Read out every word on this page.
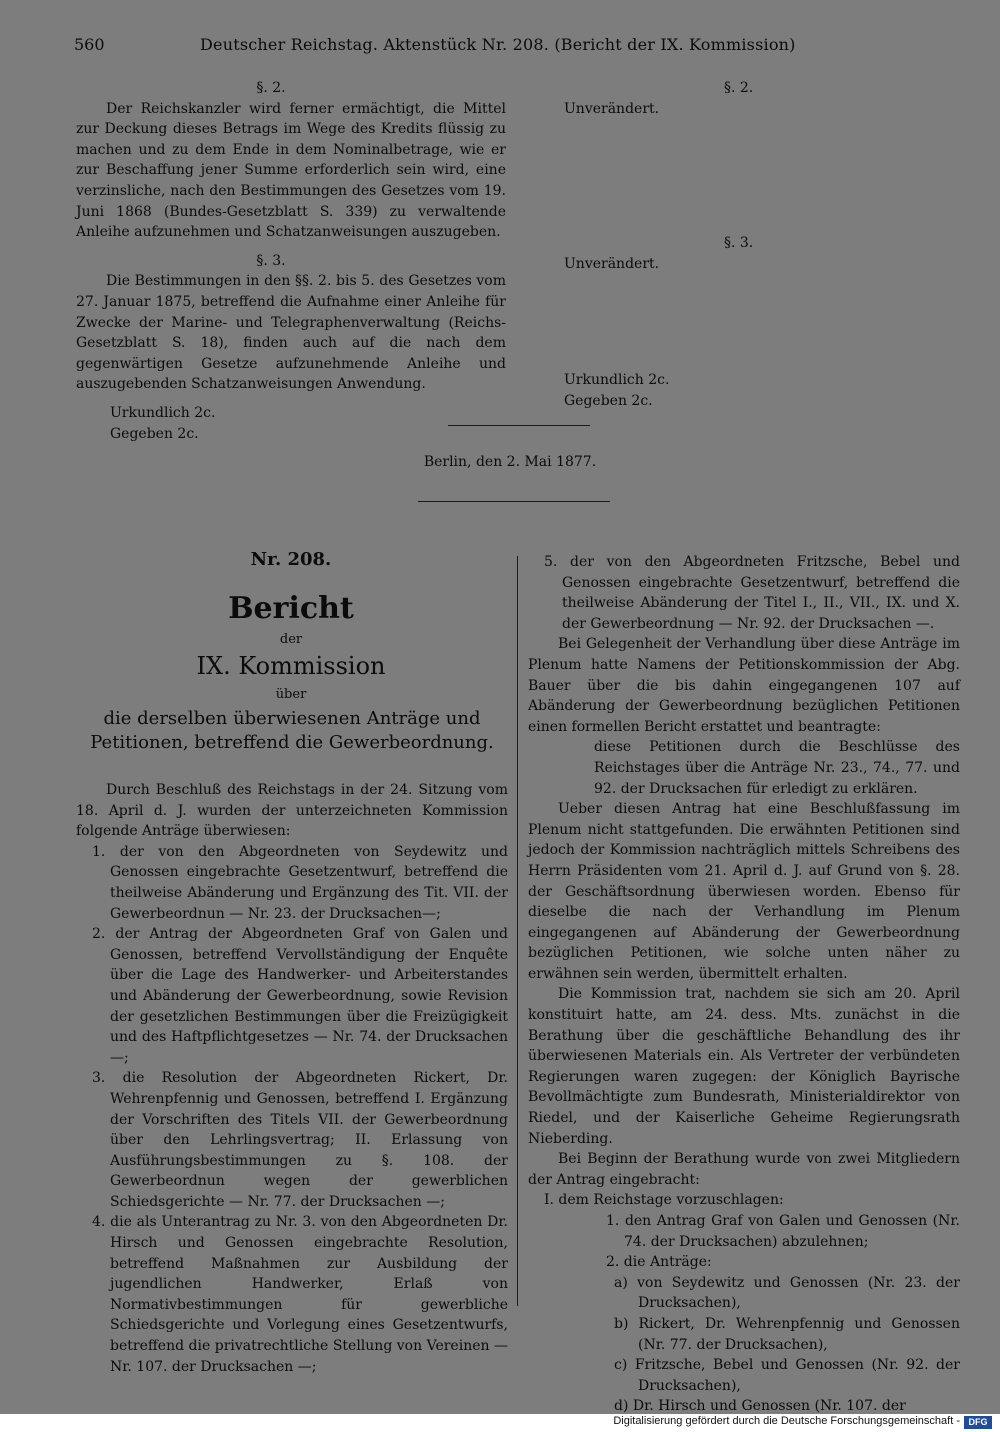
560	Deutscher Reichstag. Aktenstück Nr. 208. (Bericht der IX. Kommission)
§. 2.

Der Reichskanzler wird ferner ermächtigt, die Mittel zur Deckung dieses Betrags im Wege des Kredits flüssig zu machen und zu dem Ende in dem Nominalbetrage, wie er zur Beschaffung jener Summe erforderlich sein wird, eine verzinsliche, nach den Bestimmungen des Gesetzes vom 19. Juni 1868 (Bundes-Gesetzblatt S. 339) zu verwaltende Anleihe aufzunehmen und Schatzanweisungen auszugeben.

§. 3.

Die Bestimmungen in den §§. 2. bis 5. des Gesetzes vom 27. Januar 1875, betreffend die Aufnahme einer Anleihe für Zwecke der Marine- und Telegraphenverwaltung (Reichs-Gesetzblatt S. 18), finden auch auf die nach dem gegenwärtigen Gesetze aufzunehmende Anleihe und auszugebenden Schatzanweisungen Anwendung.

Urkundlich 2c.
Gegeben 2c.
§. 2.
Unverändert.
§. 3.
Unverändert.
Urkundlich 2c.
Gegeben 2c.
Berlin, den 2. Mai 1877.
Nr. 208.
Bericht
der
IX. Kommission
über
die derselben überwiesenen Anträge und Petitionen, betreffend die Gewerbeordnung.

Durch Beschluß des Reichstags in der 24. Sitzung vom 18. April d. J. wurden der unterzeichneten Kommission folgende Anträge überwiesen:

1. der von den Abgeordneten von Seydewitz und Genossen eingebrachte Gesetzentwurf, betreffend die theilweise Abänderung und Ergänzung des Tit. VII. der Gewerbeordnun — Nr. 23. der Drucksachen—;

2. der Antrag der Abgeordneten Graf von Galen und Genossen, betreffend Vervollständigung der Enquête über die Lage des Handwerker- und Arbeiterstandes und Abänderung der Gewerbeordnung, sowie Revision der gesetzlichen Bestimmungen über die Freizügigkeit und des Haftpflichtgesetzes — Nr. 74. der Drucksachen —;

3. die Resolution der Abgeordneten Rickert, Dr. Wehrenpfennig und Genossen, betreffend I. Ergänzung der Vorschriften des Titels VII. der Gewerbeordnung über den Lehrlingsvertrag; II. Erlassung von Ausführungsbestimmungen zu §. 108. der Gewerbeordnun wegen der gewerblichen Schiedsgerichte — Nr. 77. der Drucksachen —;

4. die als Unterantrag zu Nr. 3. von den Abgeordneten Dr. Hirsch und Genossen eingebrachte Resolution, betreffend Maßnahmen zur Ausbildung der jugendlichen Handwerker, Erlaß von Normativbestimmungen für gewerbliche Schiedsgerichte und Vorlegung eines Gesetzentwurfs, betreffend die privatrechtliche Stellung von Vereinen — Nr. 107. der Drucksachen —;

5. der von den Abgeordneten Fritzsche, Bebel und Genossen eingebrachte Gesetzentwurf, betreffend die theilweise Abänderung der Titel I., II., VII., IX. und X. der Gewerbeordnung — Nr. 92. der Drucksachen —.

Bei Gelegenheit der Verhandlung über diese Anträge im Plenum hatte Namens der Petitionskommission der Abg. Bauer über die bis dahin eingegangenen 107 auf Abänderung der Gewerbeordnung bezüglichen Petitionen einen formellen Bericht erstattet und beantragte:

diese Petitionen durch die Beschlüsse des Reichstages über die Anträge Nr. 23., 74., 77. und 92. der Drucksachen für erledigt zu erklären.

Ueber diesen Antrag hat eine Beschlußfassung im Plenum nicht stattgefunden. Die erwähnten Petitionen sind jedoch der Kommission nachträglich mittels Schreibens des Herrn Präsidenten vom 21. April d. J. auf Grund von §. 28. der Geschäftsordnung überwiesen worden. Ebenso für dieselbe die nach der Verhandlung im Plenum eingegangenen auf Abänderung der Gewerbeordnung bezüglichen Petitionen, wie solche unten näher zu erwähnen sein werden, übermittelt erhalten.

Die Kommission trat, nachdem sie sich am 20. April konstituirt hatte, am 24. dess. Mts. zunächst in die Berathung über die geschäftliche Behandlung des ihr überwiesenen Materials ein. Als Vertreter der verbündeten Regierungen waren zugegen: der Königlich Bayrische Bevollmächtigte zum Bundesrath, Ministerialdirektor von Riedel, und der Kaiserliche Geheime Regierungsrath Nieberding.

Bei Beginn der Berathung wurde von zwei Mitgliedern der Antrag eingebracht:

I. dem Reichstage vorzuschlagen:

1. den Antrag Graf von Galen und Genossen (Nr. 74. der Drucksachen) abzulehnen;

2. die Anträge:

a) von Seydewitz und Genossen (Nr. 23. der Drucksachen),

b) Rickert, Dr. Wehrenpfennig und Genossen (Nr. 77. der Drucksachen),

c) Fritzsche, Bebel und Genossen (Nr. 92. der Drucksachen),

d) Dr. Hirsch und Genossen (Nr. 107. der

Digitalisierung gefördert durch die Deutsche Forschungsgemeinschaft - DFG
